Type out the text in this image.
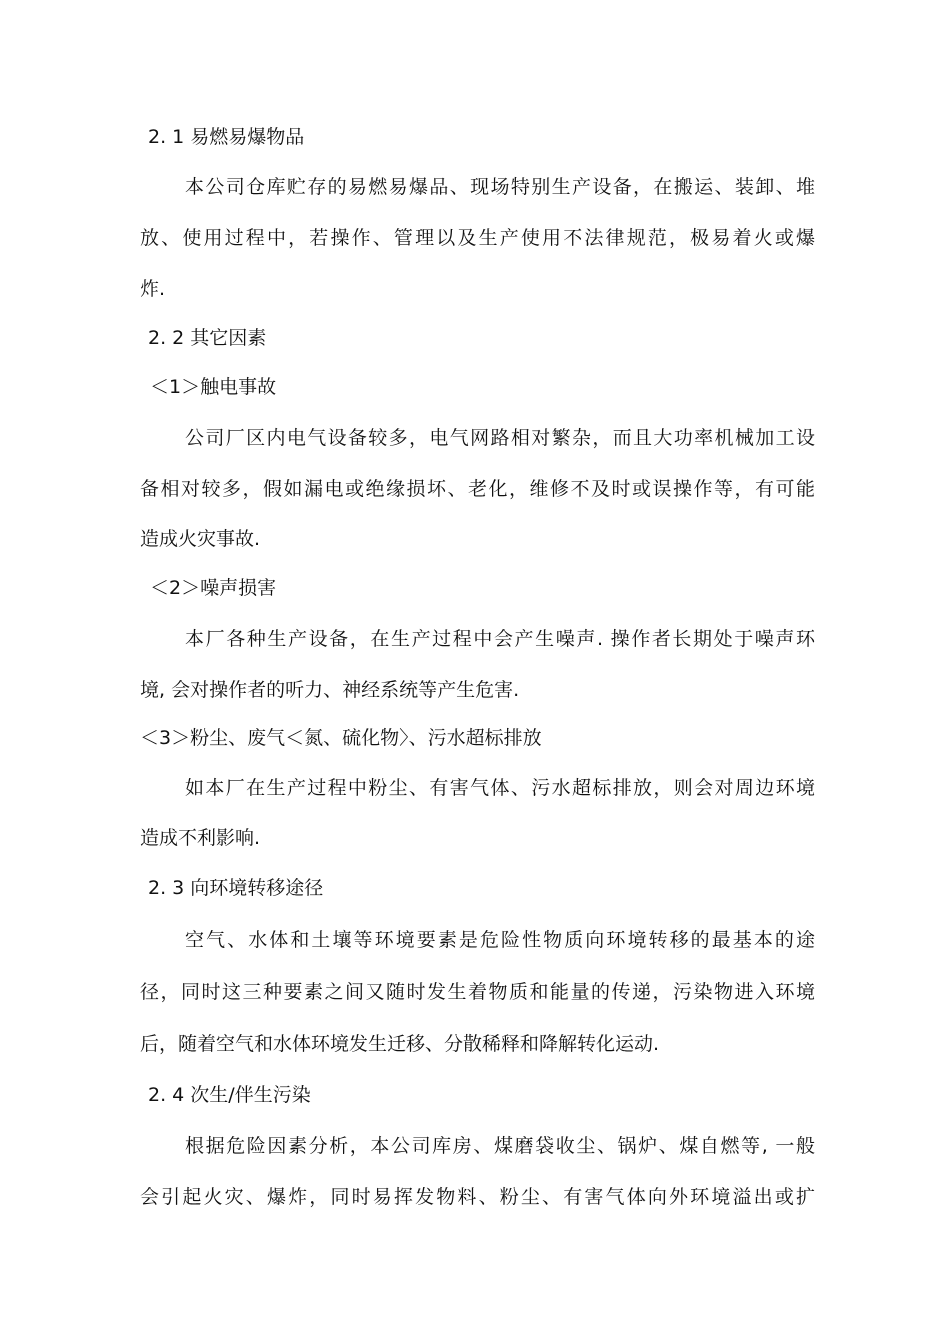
2. 1 易燃易爆物品
本公司仓库贮存的易燃易爆品、现场特别生产设备，在搬运、装卸、堆
放、使用过程中，若操作、管理以及生产使用不法律规范，极易着火或爆
炸.
2. 2 其它因素
＜1＞触电事故
公司厂区内电气设备较多，电气网路相对繁杂，而且大功率机械加工设
备相对较多，假如漏电或绝缘损坏、老化，维修不及时或误操作等，有可能
造成火灾事故.
＜2＞噪声损害
本厂各种生产设备，在生产过程中会产生噪声. 操作者长期处于噪声环
境, 会对操作者的听力、神经系统等产生危害.
＜3＞粉尘、废气＜氮、硫化物〉、污水超标排放
如本厂在生产过程中粉尘、有害气体、污水超标排放，则会对周边环境
造成不利影响.
2. 3 向环境转移途径
空气、水体和土壤等环境要素是危险性物质向环境转移的最基本的途
径，同时这三种要素之间又随时发生着物质和能量的传递，污染物进入环境
后，随着空气和水体环境发生迁移、分散稀释和降解转化运动.
2. 4 次生/伴生污染
根据危险因素分析，本公司库房、煤磨袋收尘、锅炉、煤自燃等, 一般
会引起火灾、爆炸，同时易挥发物料、粉尘、有害气体向外环境溢出或扩
